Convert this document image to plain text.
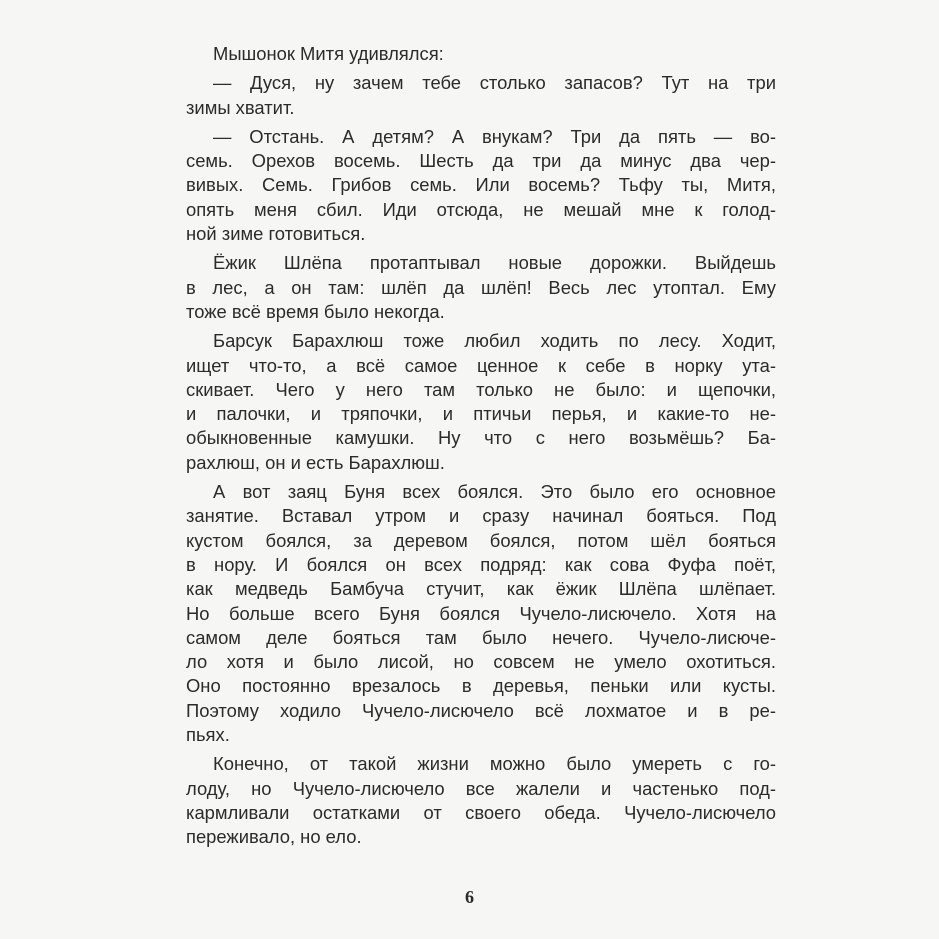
Мышонок Митя удивлялся:

— Дуся, ну зачем тебе столько запасов? Тут на три
зимы хватит.

— Отстань. А детям? А внукам? Три да пять — во-
семь. Орехов восемь. Шесть да три да минус два чер-
вивых. Семь. Грибов семь. Или восемь? Тьфу ты, Митя,
опять меня сбил. Иди отсюда, не мешай мне к голод-
ной зиме готовиться.

Ёжик Шлёпа протаптывал новые дорожки. Выйдешь
в лес, а он там: шлёп да шлёп! Весь лес утоптал. Ему
тоже всё время было некогда.

Барсук Барахлюш тоже любил ходить по лесу. Ходит,
ищет что-то, а всё самое ценное к себе в норку ута-
скивает. Чего у него там только не было: и щепочки,
и палочки, и тряпочки, и птичьи перья, и какие-то не-
обыкновенные камушки. Ну что с него возьмёшь? Ба-
рахлюш, он и есть Барахлюш.

А вот заяц Буня всех боялся. Это было его основное
занятие. Вставал утром и сразу начинал бояться. Под
кустом боялся, за деревом боялся, потом шёл бояться
в нору. И боялся он всех подряд: как сова Фуфа поёт,
как медведь Бамбуча стучит, как ёжик Шлёпа шлёпает.
Но больше всего Буня боялся Чучело-лисючело. Хотя на
самом деле бояться там было нечего. Чучело-лисюче-
ло хотя и было лисой, но совсем не умело охотиться.
Оно постоянно врезалось в деревья, пеньки или кусты.
Поэтому ходило Чучело-лисючело всё лохматое и в ре-
пьях.

Конечно, от такой жизни можно было умереть с го-
лоду, но Чучело-лисючело все жалели и частенько под-
кармливали остатками от своего обеда. Чучело-лисючело
переживало, но ело.

6
